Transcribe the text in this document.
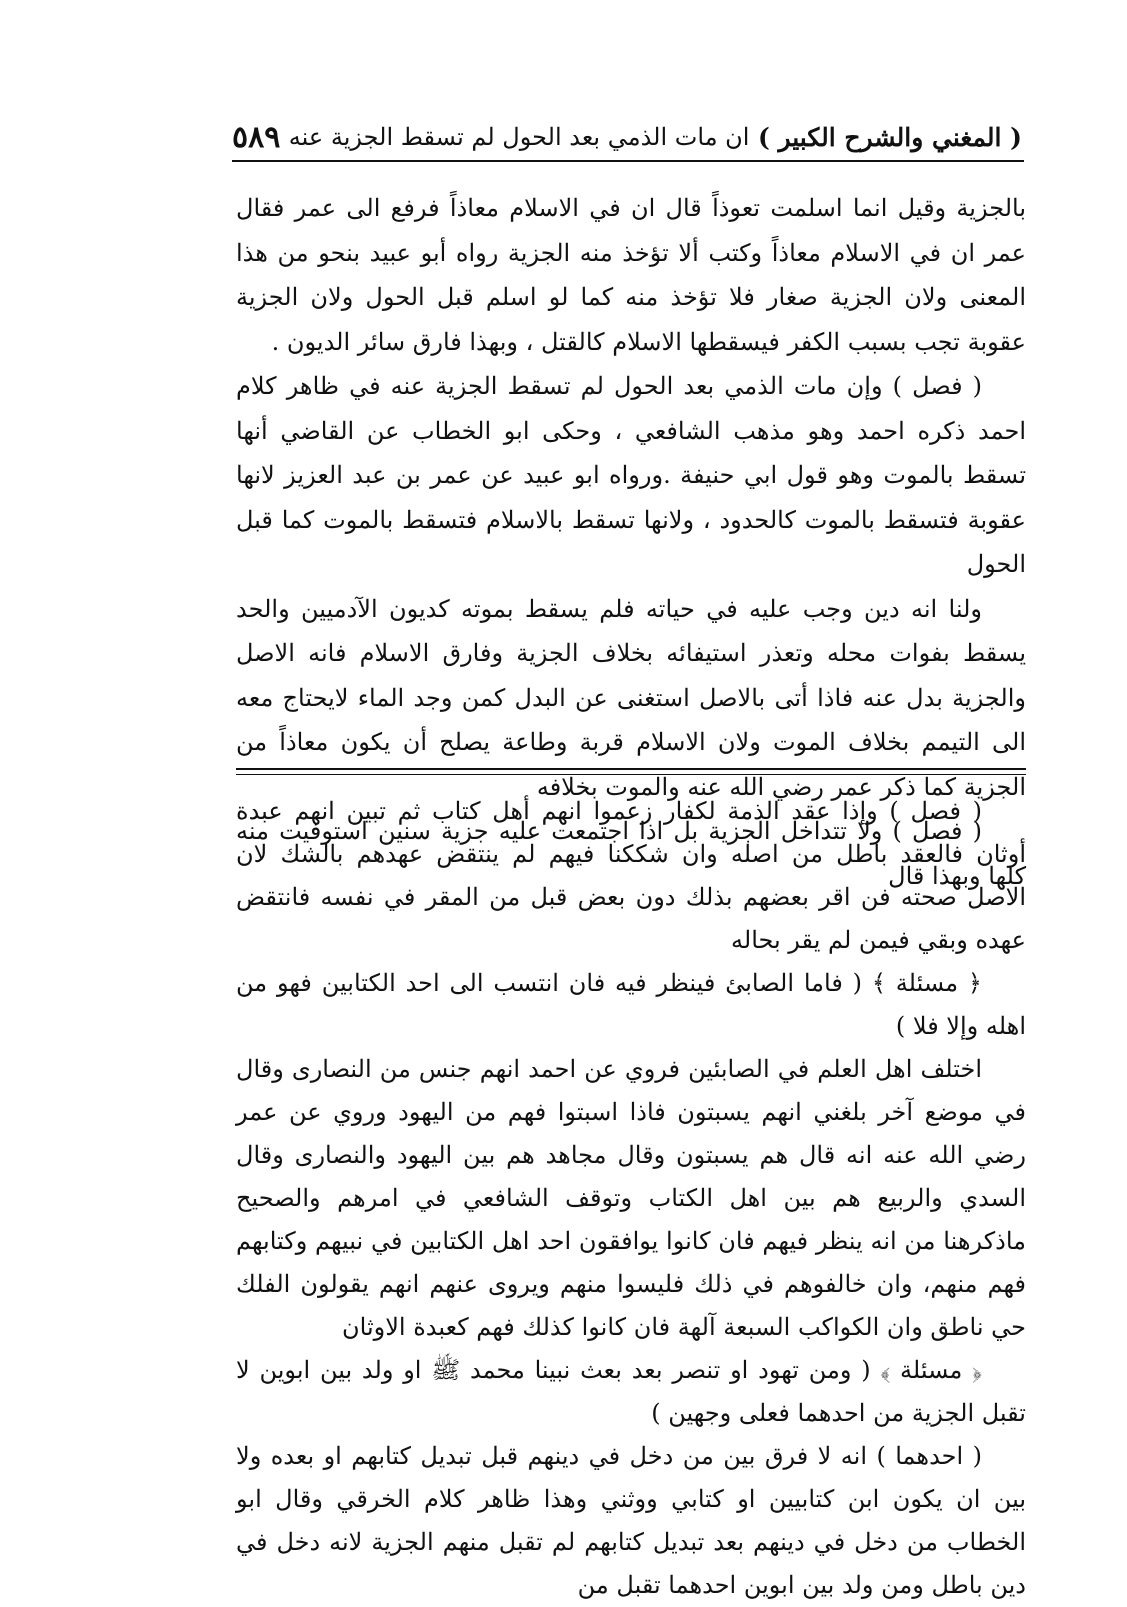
( المغني والشرح الكبير )
ان مات الذمي بعد الحول لم تسقط الجزية عنه
٥٨٩

بالجزية وقيل انما اسلمت تعوذاً قال ان في الاسلام معاذاً فرفع الى عمر فقال عمر ان في الاسلام معاذاً وكتب ألا تؤخذ منه الجزية رواه أبو عبيد بنحو من هذا المعنى ولان الجزية صغار فلا تؤخذ منه كما لو اسلم قبل الحول ولان الجزية عقوبة تجب بسبب الكفر فيسقطها الاسلام كالقتل ، وبهذا فارق سائر الديون .

( فصل ) وإن مات الذمي بعد الحول لم تسقط الجزية عنه في ظاهر كلام احمد ذكره احمد وهو مذهب الشافعي ، وحكى ابو الخطاب عن القاضي أنها تسقط بالموت وهو قول ابي حنيفة .ورواه ابو عبيد عن عمر بن عبد العزيز لانها عقوبة فتسقط بالموت كالحدود ، ولانها تسقط بالاسلام فتسقط بالموت كما قبل الحول

ولنا انه دين وجب عليه في حياته فلم يسقط بموته كديون الآدميين والحد يسقط بفوات محله وتعذر استيفائه بخلاف الجزية وفارق الاسلام فانه الاصل والجزية بدل عنه فاذا أتى بالاصل استغنى عن البدل كمن وجد الماء لايحتاج معه الى التيمم بخلاف الموت ولان الاسلام قربة وطاعة يصلح أن يكون معاذاً من الجزية كما ذكر عمر رضي الله عنه والموت بخلافه

( فصل ) ولا تتداخل الجزية بل اذا اجتمعت عليه جزية سنين استوفيت منه كلها وبهذا قال

( فصل ) وإذا عقد الذمة لكفار زعموا انهم أهل كتاب ثم تبين انهم عبدة أوثان فالعقد باطل من اصله وان شككنا فيهم لم ينتقض عهدهم بالشك لان الاصل صحته فن اقر بعضهم بذلك دون بعض قبل من المقر في نفسه فانتقض عهده وبقي فيمن لم يقر بحاله

﴿ مسئلة ﴾ ( فاما الصابئ فينظر فيه فان انتسب الى احد الكتابين فهو من اهله وإلا فلا )

اختلف اهل العلم في الصابئين فروي عن احمد انهم جنس من النصارى وقال في موضع آخر بلغني انهم يسبتون فاذا اسبتوا فهم من اليهود وروي عن عمر رضي الله عنه انه قال هم يسبتون وقال مجاهد هم بين اليهود والنصارى وقال السدي والربيع هم بين اهل الكتاب وتوقف الشافعي في امرهم والصحيح ماذكرهنا من انه ينظر فيهم فان كانوا يوافقون احد اهل الكتابين في نبيهم وكتابهم فهم منهم، وان خالفوهم في ذلك فليسوا منهم ويروى عنهم انهم يقولون الفلك حي ناطق وان الكواكب السبعة آلهة فان كانوا كذلك فهم كعبدة الاوثان

﴿ مسئلة ﴾ ( ومن تهود او تنصر بعد بعث نبينا محمد ﷺ او ولد بين ابوين لا تقبل الجزية من احدهما فعلى وجهين )

( احدهما ) انه لا فرق بين من دخل في دينهم قبل تبديل كتابهم او بعده ولا بين ان يكون ابن كتابيين او كتابي ووثني وهذا ظاهر كلام الخرقي وقال ابو الخطاب من دخل في دينهم بعد تبديل كتابهم لم تقبل منهم الجزية لانه دخل في دين باطل ومن ولد بين ابوين احدهما تقبل من
